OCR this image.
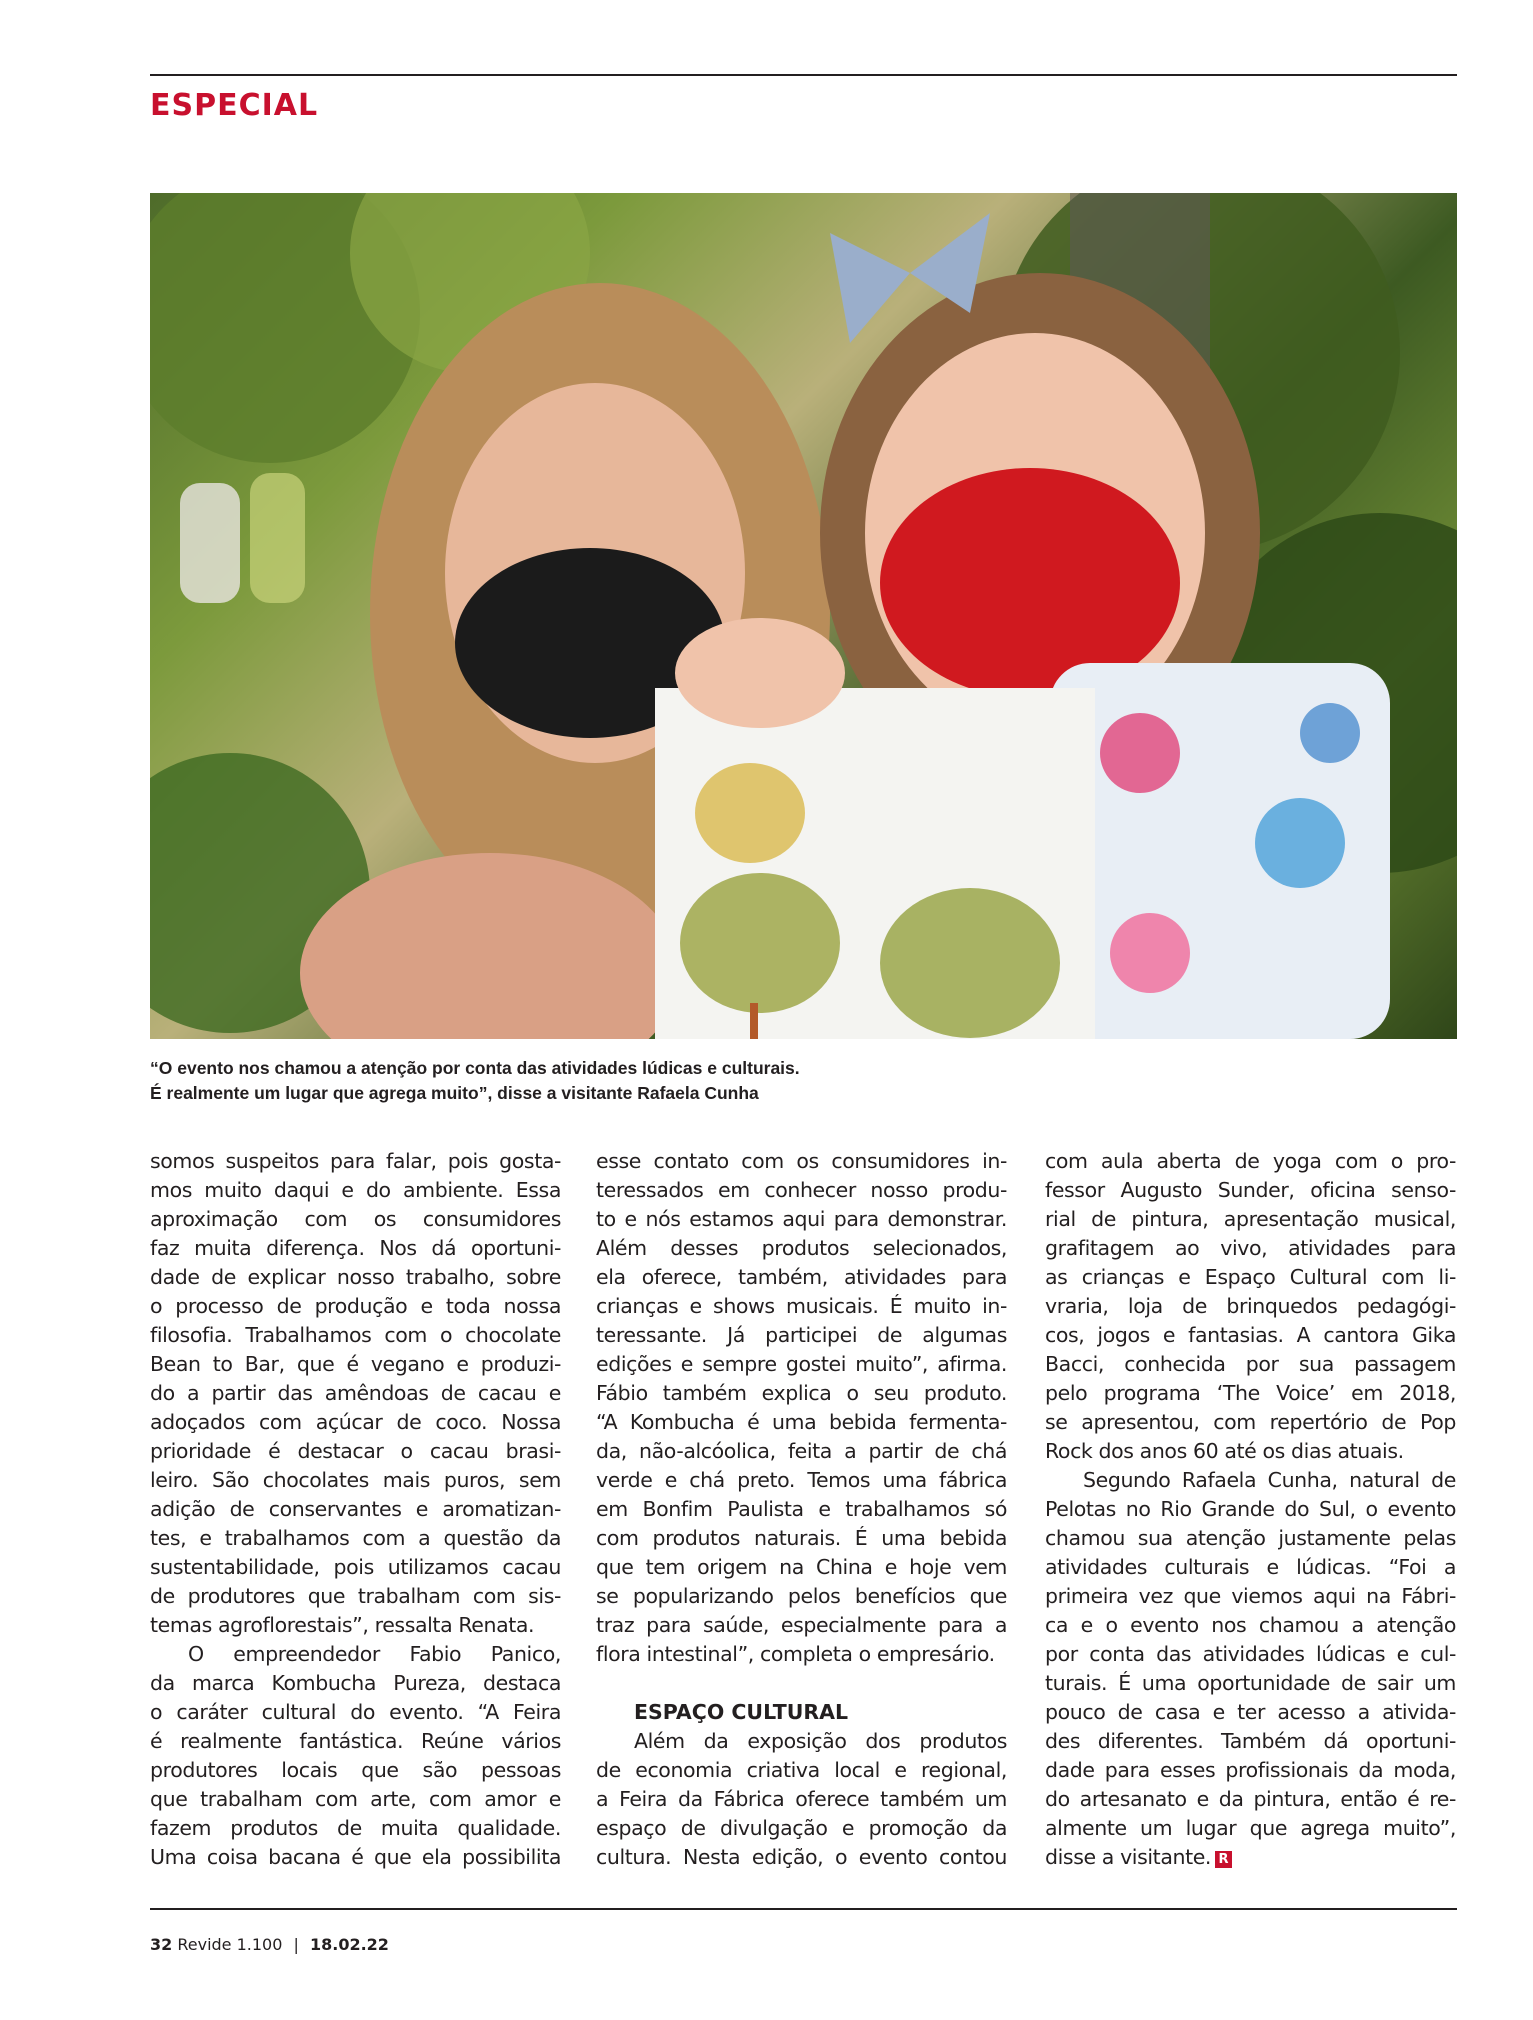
ESPECIAL
“O evento nos chamou a atenção por conta das atividades lúdicas e culturais.
É realmente um lugar que agrega muito”, disse a visitante Rafaela Cunha
somos suspeitos para falar, pois gosta-
mos muito daqui e do ambiente. Essa
aproximação com os consumidores
faz muita diferença. Nos dá oportuni-
dade de explicar nosso trabalho, sobre
o processo de produção e toda nossa
filosofia. Trabalhamos com o chocolate
Bean to Bar, que é vegano e produzi-
do a partir das amêndoas de cacau e
adoçados com açúcar de coco. Nossa
prioridade é destacar o cacau brasi-
leiro. São chocolates mais puros, sem
adição de conservantes e aromatizan-
tes, e trabalhamos com a questão da
sustentabilidade, pois utilizamos cacau
de produtores que trabalham com sis-
temas agroflorestais”, ressalta Renata.
O empreendedor Fabio Panico,
da marca Kombucha Pureza, destaca
o caráter cultural do evento. “A Feira
é realmente fantástica. Reúne vários
produtores locais que são pessoas
que trabalham com arte, com amor e
fazem produtos de muita qualidade.
Uma coisa bacana é que ela possibilita
esse contato com os consumidores in-
teressados em conhecer nosso produ-
to e nós estamos aqui para demonstrar.
Além desses produtos selecionados,
ela oferece, também, atividades para
crianças e shows musicais. É muito in-
teressante. Já participei de algumas
edições e sempre gostei muito”, afirma.
Fábio também explica o seu produto.
“A Kombucha é uma bebida fermenta-
da, não-alcóolica, feita a partir de chá
verde e chá preto. Temos uma fábrica
em Bonfim Paulista e trabalhamos só
com produtos naturais. É uma bebida
que tem origem na China e hoje vem
se popularizando pelos benefícios que
traz para saúde, especialmente para a
flora intestinal”, completa o empresário.
ESPAÇO CULTURAL
Além da exposição dos produtos
de economia criativa local e regional,
a Feira da Fábrica oferece também um
espaço de divulgação e promoção da
cultura. Nesta edição, o evento contou
com aula aberta de yoga com o pro-
fessor Augusto Sunder, oficina senso-
rial de pintura, apresentação musical,
grafitagem ao vivo, atividades para
as crianças e Espaço Cultural com li-
vraria, loja de brinquedos pedagógi-
cos, jogos e fantasias. A cantora Gika
Bacci, conhecida por sua passagem
pelo programa ‘The Voice’ em 2018,
se apresentou, com repertório de Pop
Rock dos anos 60 até os dias atuais.
Segundo Rafaela Cunha, natural de
Pelotas no Rio Grande do Sul, o evento
chamou sua atenção justamente pelas
atividades culturais e lúdicas. “Foi a
primeira vez que viemos aqui na Fábri-
ca e o evento nos chamou a atenção
por conta das atividades lúdicas e cul-
turais. É uma oportunidade de sair um
pouco de casa e ter acesso a ativida-
des diferentes. Também dá oportuni-
dade para esses profissionais da moda,
do artesanato e da pintura, então é re-
almente um lugar que agrega muito”,
disse a visitante. R
32 Revide 1.100 | 18.02.22
